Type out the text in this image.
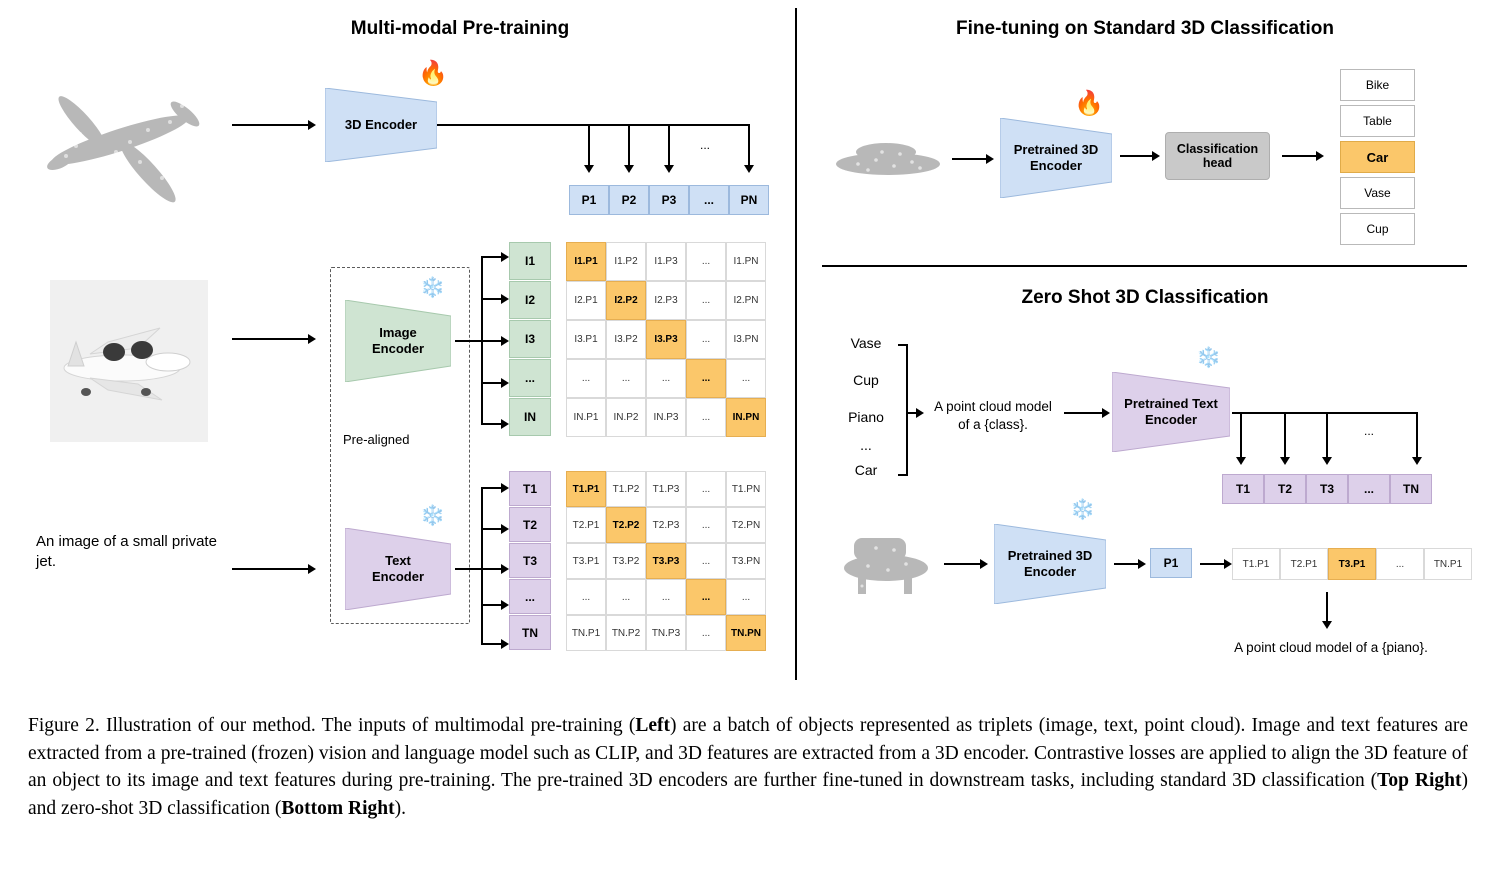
Multi-modal Pre-training	Fine-tuning on Standard 3D Classification
Zero Shot 3D Classification
3D Encoder
🔥
...
P1	P2	P3	...	PN
Pre-aligned
Image
Encoder
❄️
Text
Encoder
❄️
An image of a small private jet.
I1
I2
I3
...
IN
I1.P1	I1.P2	I1.P3	...	I1.PN
I2.P1	I2.P2	I2.P3	...	I2.PN
I3.P1	I3.P2	I3.P3	...	I3.PN
...	...	...	...	...
IN.P1	IN.P2	IN.P3	...	IN.PN
T1
T2
T3
...
TN
T1.P1	T1.P2	T1.P3	...	T1.PN
T2.P1	T2.P2	T2.P3	...	T2.PN
T3.P1	T3.P2	T3.P3	...	T3.PN
...	...	...	...	...
TN.P1	TN.P2	TN.P3	...	TN.PN
Pretrained 3D
Encoder
🔥
Classification
head
Bike
Table
Car
Vase
Cup
Vase
Cup
Piano
...
Car
A point cloud model of a {class}.
Pretrained Text
Encoder
❄️
...
T1	T2	T3	...	TN
Pretrained 3D
Encoder
❄️
P1	T1.P1	T2.P1	T3.P1	...	TN.P1
A point cloud model of a {piano}.
Figure 2. Illustration of our method. The inputs of multimodal pre-training (Left) are a batch of objects represented as triplets (image, text, point cloud). Image and text features are extracted from a pre-trained (frozen) vision and language model such as CLIP, and 3D features are extracted from a 3D encoder. Contrastive losses are applied to align the 3D feature of an object to its image and text features during pre-training. The pre-trained 3D encoders are further fine-tuned in downstream tasks, including standard 3D classification (Top Right) and zero-shot 3D classification (Bottom Right).
